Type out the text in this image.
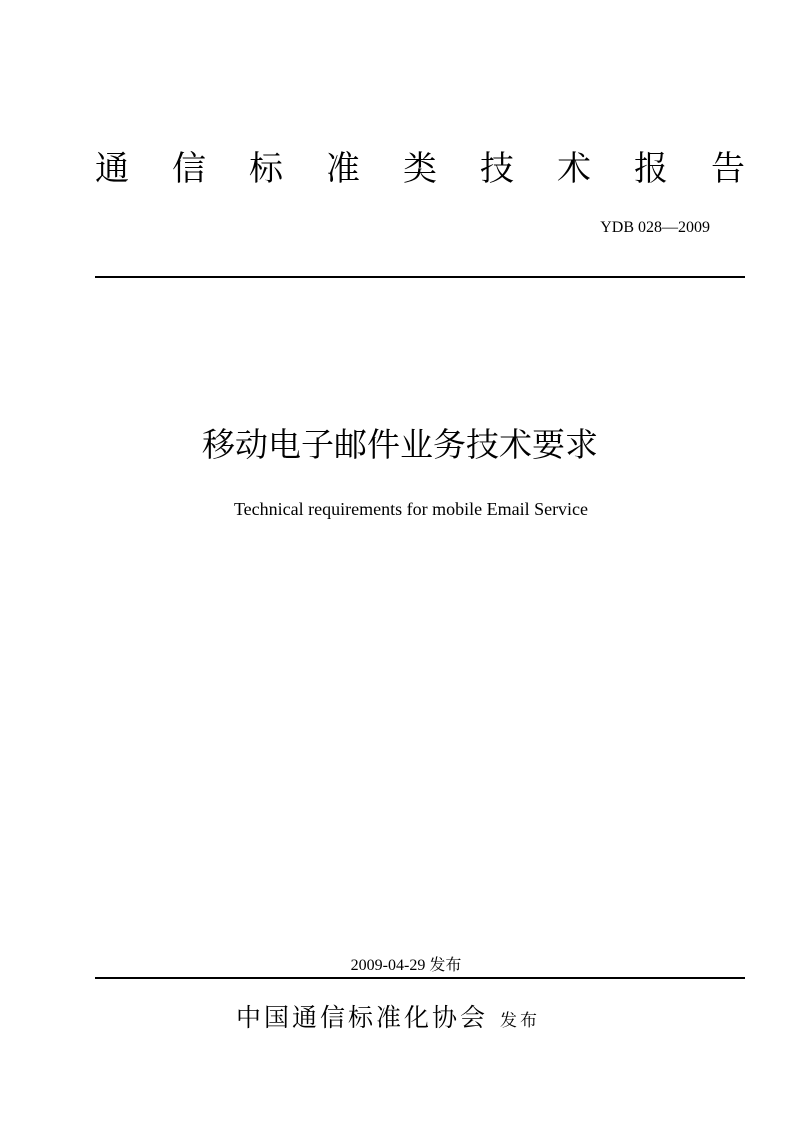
通 信 标 准 类 技 术 报 告
YDB 028—2009
移动电子邮件业务技术要求
Technical requirements for mobile Email Service
2009-04-29 发布
中国通信标准化协会 发布
